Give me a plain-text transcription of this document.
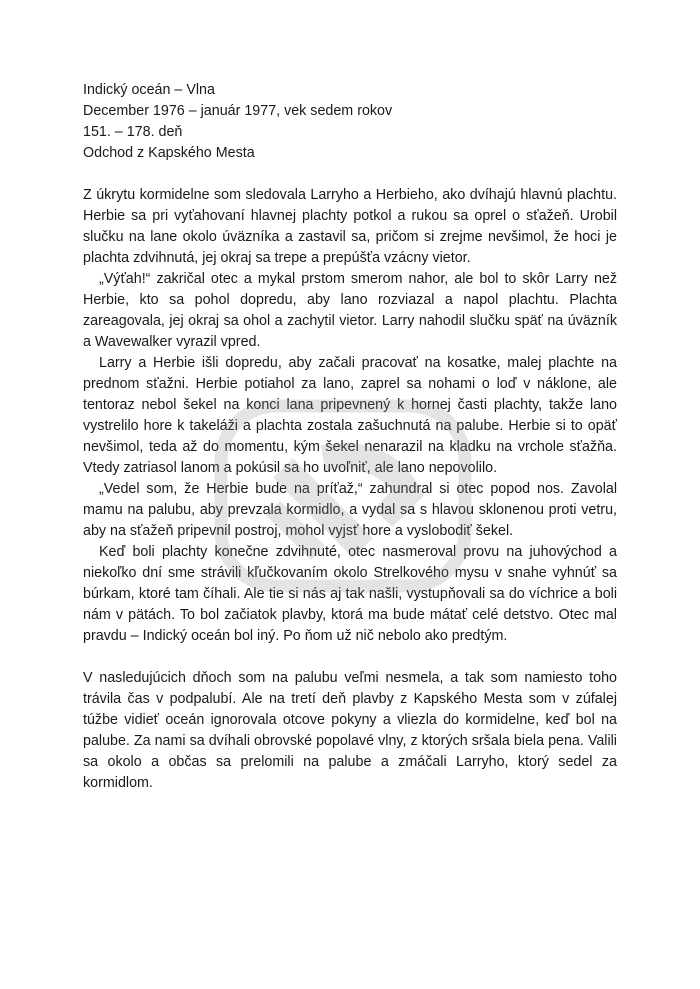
Indický oceán – Vlna
December 1976 – január 1977, vek sedem rokov
151. – 178. deň
Odchod z Kapského Mesta

Z úkrytu kormidelne som sledovala Larryho a Herbieho, ako dvíhajú hlavnú plachtu. Herbie sa pri vyťahovaní hlavnej plachty potkol a rukou sa oprel o sťažeň. Urobil slučku na lane okolo úväzníka a zastavil sa, pričom si zrejme nevšimol, že hoci je plachta zdvihnutá, jej okraj sa trepe a prepúšťa vzácny vietor.

„Výťah!“ zakričal otec a mykal prstom smerom nahor, ale bol to skôr Larry než Herbie, kto sa pohol dopredu, aby lano rozviazal a napol plachtu. Plachta zareagovala, jej okraj sa ohol a zachytil vietor. Larry nahodil slučku späť na úväzník a Wavewalker vyrazil vpred.

Larry a Herbie išli dopredu, aby začali pracovať na kosatke, malej plachte na prednom sťažni. Herbie potiahol za lano, zaprel sa nohami o loď v náklone, ale tentoraz nebol šekel na konci lana pripevnený k hornej časti plachty, takže lano vystrelilo hore k takeláži a plachta zostala zašuchnutá na palube. Herbie si to opäť nevšimol, teda až do momentu, kým šekel nenarazil na kladku na vrchole sťažňa. Vtedy zatriasol lanom a pokúsil sa ho uvoľniť, ale lano nepovolilo.

„Vedel som, že Herbie bude na príťaž,“ zahundral si otec popod nos. Zavolal mamu na palubu, aby prevzala kormidlo, a vydal sa s hlavou sklonenou proti vetru, aby na sťažeň pripevnil postroj, mohol vyjsť hore a vyslobodiť šekel.

Keď boli plachty konečne zdvihnuté, otec nasmeroval provu na juhovýchod a niekoľko dní sme strávili kľučkovaním okolo Strelkového mysu v snahe vyhnúť sa búrkam, ktoré tam číhali. Ale tie si nás aj tak našli, vystupňovali sa do víchrice a boli nám v pätách. To bol začiatok plavby, ktorá ma bude mátať celé detstvo. Otec mal pravdu – Indický oceán bol iný. Po ňom už nič nebolo ako predtým.

V nasledujúcich dňoch som na palubu veľmi nesmela, a tak som namiesto toho trávila čas v podpalubí. Ale na tretí deň plavby z Kapského Mesta som v zúfalej túžbe vidieť oceán ignorovala otcove pokyny a vliezla do kormidelne, keď bol na palube. Za nami sa dvíhali obrovské popolavé vlny, z ktorých sršala biela pena. Valili sa okolo a občas sa prelomili na palube a zmáčali Larryho, ktorý sedel za kormidlom.
